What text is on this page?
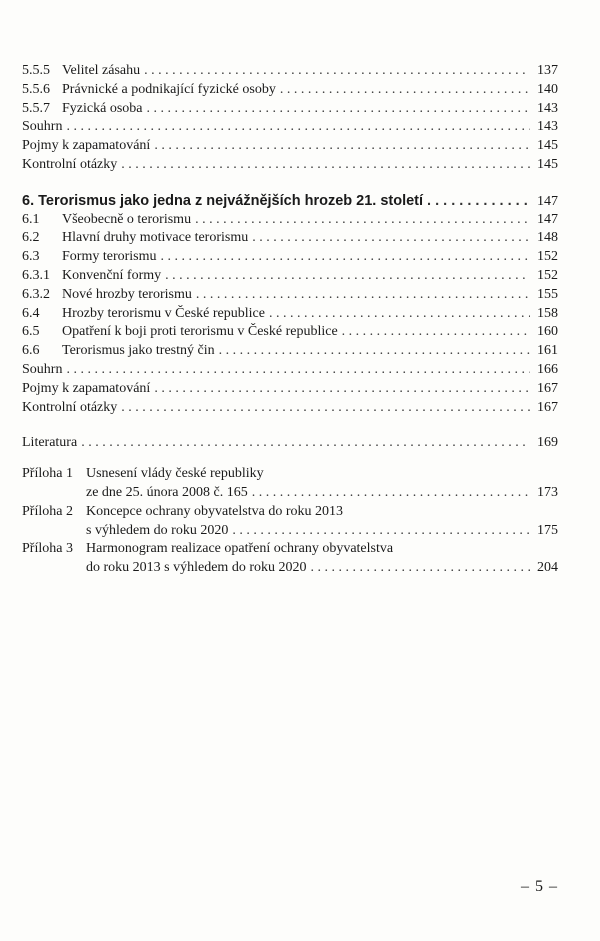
5.5.5 Velitel zásahu . . .	137
5.5.6 Právnické a podnikající fyzické osoby . . .	140
5.5.7 Fyzická osoba . . .	143
Souhrn . . .	143
Pojmy k zapamatování . . .	145
Kontrolní otázky . . .	145
6. Terorismus jako jedna z nejvážnějších hrozeb 21. století . . .	147
6.1	Všeobecně o terorismu . . .	147
6.2	Hlavní druhy motivace terorismu . . .	148
6.3	Formy terorismu . . .	152
6.3.1 Konvenční formy . . .	152
6.3.2 Nové hrozby terorismu . . .	155
6.4	Hrozby terorismu v České republice . . .	158
6.5	Opatření k boji proti terorismu v České republice . . .	160
6.6	Terorismus jako trestný čin . . .	161
Souhrn . . .	166
Pojmy k zapamatování . . .	167
Kontrolní otázky . . .	167
Literatura . . .	169
Příloha 1 Usnesení vlády české republiky
ze dne 25. února 2008 č. 165 . . .	173
Příloha 2 Koncepce ochrany obyvatelstva do roku 2013
s výhledem do roku 2020 . . .	175
Příloha 3 Harmonogram realizace opatření ochrany obyvatelstva
do roku 2013 s výhledem do roku 2020 . . .	204
– 5 –
